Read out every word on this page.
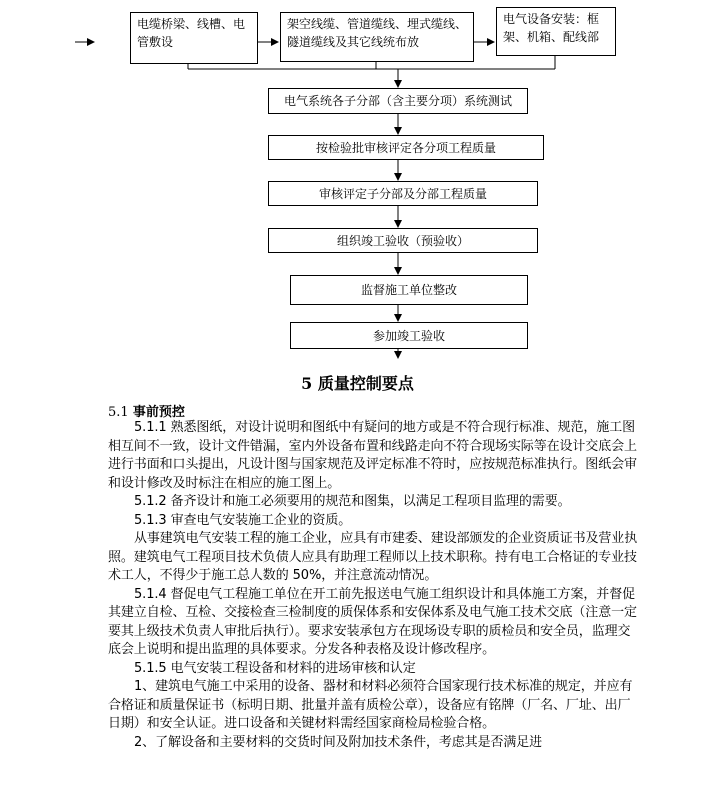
电缆桥梁、线槽、电管敷设
架空线缆、管道缆线、埋式缆线、隧道缆线及其它线统布放
电气设备安装：框架、机箱、配线部
电气系统各子分部（含主要分项）系统测试
按检验批审核评定各分项工程质量
审核评定子分部及分部工程质量
组织竣工验收（预验收）
监督施工单位整改
参加竣工验收
5 质量控制要点
5.1 事前预控

5.1.1 熟悉图纸，对设计说明和图纸中有疑问的地方或是不符合现行标准、规范，施工图相互间不一致，设计文件错漏，室内外设备布置和线路走向不符合现场实际等在设计交底会上进行书面和口头提出，凡设计图与国家规范及评定标准不符时，应按规范标准执行。图纸会审和设计修改及时标注在相应的施工图上。

5.1.2 备齐设计和施工必须要用的规范和图集，以满足工程项目监理的需要。

5.1.3 审查电气安装施工企业的资质。

从事建筑电气安装工程的施工企业，应具有市建委、建设部颁发的企业资质证书及营业执照。建筑电气工程项目技术负债人应具有助理工程师以上技术职称。持有电工合格证的专业技术工人，不得少于施工总人数的 50%，并注意流动情况。

5.1.4 督促电气工程施工单位在开工前先报送电气施工组织设计和具体施工方案，并督促其建立自检、互检、交接检查三检制度的质保体系和安保体系及电气施工技术交底（注意一定要其上级技术负责人审批后执行）。要求安装承包方在现场设专职的质检员和安全员，监理交底会上说明和提出监理的具体要求。分发各种表格及设计修改程序。

5.1.5 电气安装工程设备和材料的进场审核和认定

1、建筑电气施工中采用的设备、器材和材料必须符合国家现行技术标准的规定，并应有合格证和质量保证书（标明日期、批量并盖有质检公章），设备应有铭牌（厂名、厂址、出厂日期）和安全认证。进口设备和关键材料需经国家商检局检验合格。

2、了解设备和主要材料的交货时间及附加技术条件，考虑其是否满足进
